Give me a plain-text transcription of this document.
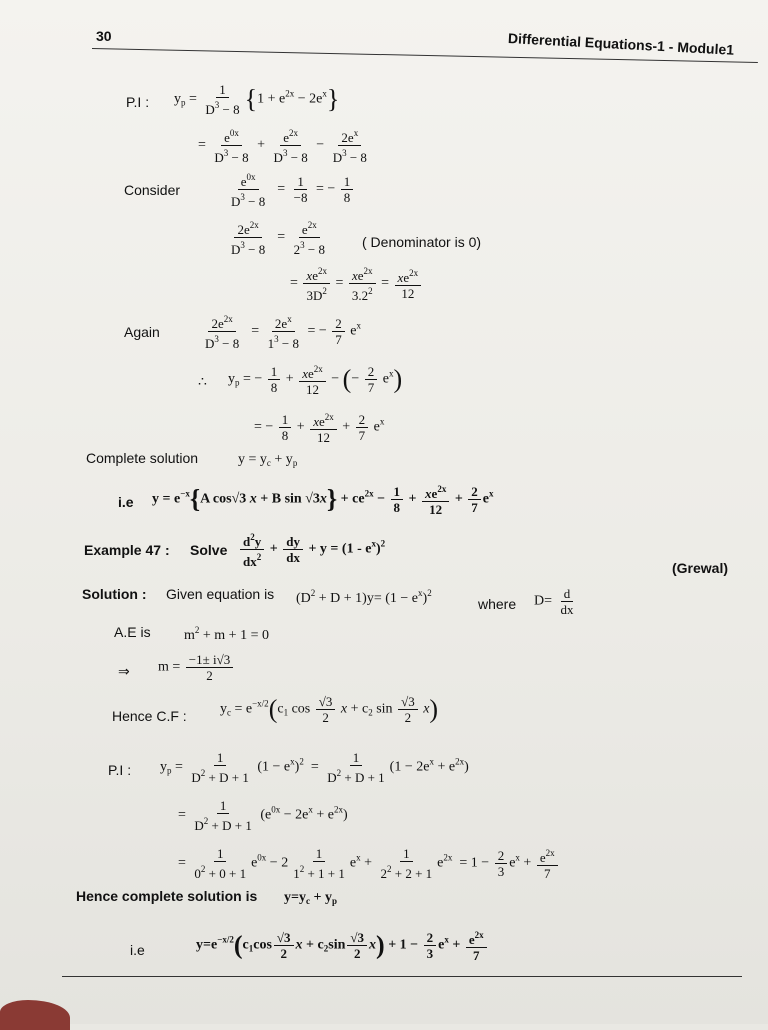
30	Differential Equations-1 - Module1
P.I : $y_p = \frac{1}{D^3 - 8} \{1 + e^{2x} - 2e^x\}$
= $\frac{e^{0x}}{D^3 - 8} + \frac{e^{2x}}{D^3 - 8} - \frac{2e^x}{D^3 - 8}$
Consider	$\frac{e^{0x}}{D^3 - 8} = \frac{1}{-8}$ = − $\frac{1}{8}$
$\frac{2e^{2x}}{D^3 - 8} = \frac{e^{2x}}{2^3 - 8}$ ( Denominator is 0)
= $\frac{xe^{2x}}{3D^2} = \frac{xe^{2x}}{3.2^2} = \frac{xe^{2x}}{12}$
Again	$\frac{2e^{2x}}{D^3 - 8} = \frac{2e^x}{1^3 - 8}$ = − $\frac{2}{7} e^x$
∴ $y_p$ = − $\frac{1}{8} + \frac{xe^{2x}}{12}$ − (− $\frac{2}{7} e^x$)
= − $\frac{1}{8} + \frac{xe^{2x}}{12} + \frac{2}{7} e^x$
Complete solution	$y = y_c + y_p$
i.e $y = e^{-x}\{A$ cos√3 x + B $\sin √3x\} + ce^{2x} - \frac{1}{8} + \frac{xe^{2x}}{12} + \frac{2}{7} e^x$
Example 47 : Solve $\frac{d^2y}{dx^2} + \frac{dy}{dx} + y = (1 - e^x)^2$
(Grewal)
Solution : Given equation is $(D^2 + D + 1)y= (1 - e^x)^2$
where $D= \frac{d}{dx}$
A.E is $m^2 + m + 1 = 0$
⇒ $m = \frac{-1\pm i√3}{2}$
Hence C.F : $y_c = e^{-x/2}(c_1$ $\cos \frac{√3}{2}$ $x + c_2$ $\sin \frac{√3}{2} x$)
P.I : $y_p = \frac{1}{D^2 + D + 1} (1 - e^x)^2 = \frac{1}{D^2 + D + 1} (1 - 2e^x + e^{2x})$
= $\frac{1}{D^2 + D + 1} (e^{0x} - 2e^x + e^{2x})$
= $\frac{1}{0^2 + 0 + 1} e^{0x} - 2 \frac{1}{1^2 + 1 + 1} e^x + \frac{1}{2^2 + 2 + 1} e^{2x} = 1 - \frac{2}{3} e^x + \frac{e^{2x}}{7}$
Hence complete solution is $y=y_c + y_p$
i.e	$y=e^{-x/2}(c_1\cos \frac{√3}{2}$ $x + c_2\sin \frac{√3}{2} x) + 1 - \frac{2}{3} e^x + \frac{e^{2x}}{7}$
